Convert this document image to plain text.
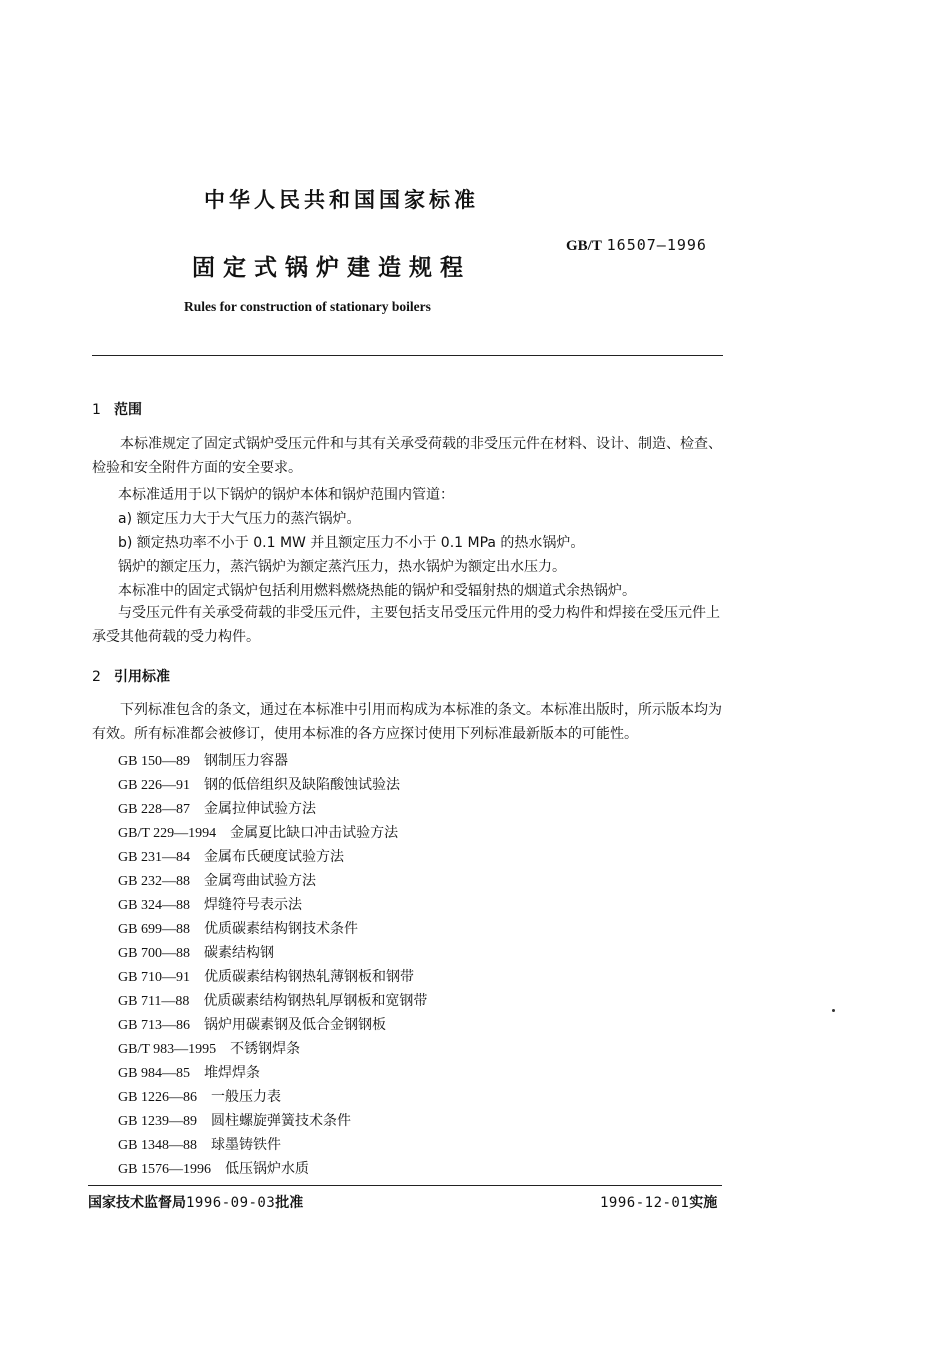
中华人民共和国国家标准
GB/T 16507—1996
固定式锅炉建造规程
Rules for construction of stationary boilers
1 范围
本标准规定了固定式锅炉受压元件和与其有关承受荷载的非受压元件在材料、设计、制造、检查、检验和安全附件方面的安全要求。
本标准适用于以下锅炉的锅炉本体和锅炉范围内管道：
a) 额定压力大于大气压力的蒸汽锅炉。
b) 额定热功率不小于 0.1 MW 并且额定压力不小于 0.1 MPa 的热水锅炉。
锅炉的额定压力，蒸汽锅炉为额定蒸汽压力，热水锅炉为额定出水压力。
本标准中的固定式锅炉包括利用燃料燃烧热能的锅炉和受辐射热的烟道式余热锅炉。
与受压元件有关承受荷载的非受压元件，主要包括支吊受压元件用的受力构件和焊接在受压元件上承受其他荷载的受力构件。
2 引用标准
下列标准包含的条文，通过在本标准中引用而构成为本标准的条文。本标准出版时，所示版本均为有效。所有标准都会被修订，使用本标准的各方应探讨使用下列标准最新版本的可能性。
GB 150—89 钢制压力容器
GB 226—91 钢的低倍组织及缺陷酸蚀试验法
GB 228—87 金属拉伸试验方法
GB/T 229—1994 金属夏比缺口冲击试验方法
GB 231—84 金属布氏硬度试验方法
GB 232—88 金属弯曲试验方法
GB 324—88 焊缝符号表示法
GB 699—88 优质碳素结构钢技术条件
GB 700—88 碳素结构钢
GB 710—91 优质碳素结构钢热轧薄钢板和钢带
GB 711—88 优质碳素结构钢热轧厚钢板和宽钢带
GB 713—86 锅炉用碳素钢及低合金钢钢板
GB/T 983—1995 不锈钢焊条
GB 984—85 堆焊焊条
GB 1226—86 一般压力表
GB 1239—89 圆柱螺旋弹簧技术条件
GB 1348—88 球墨铸铁件
GB 1576—1996 低压锅炉水质
国家技术监督局1996-09-03批准	1996-12-01实施
